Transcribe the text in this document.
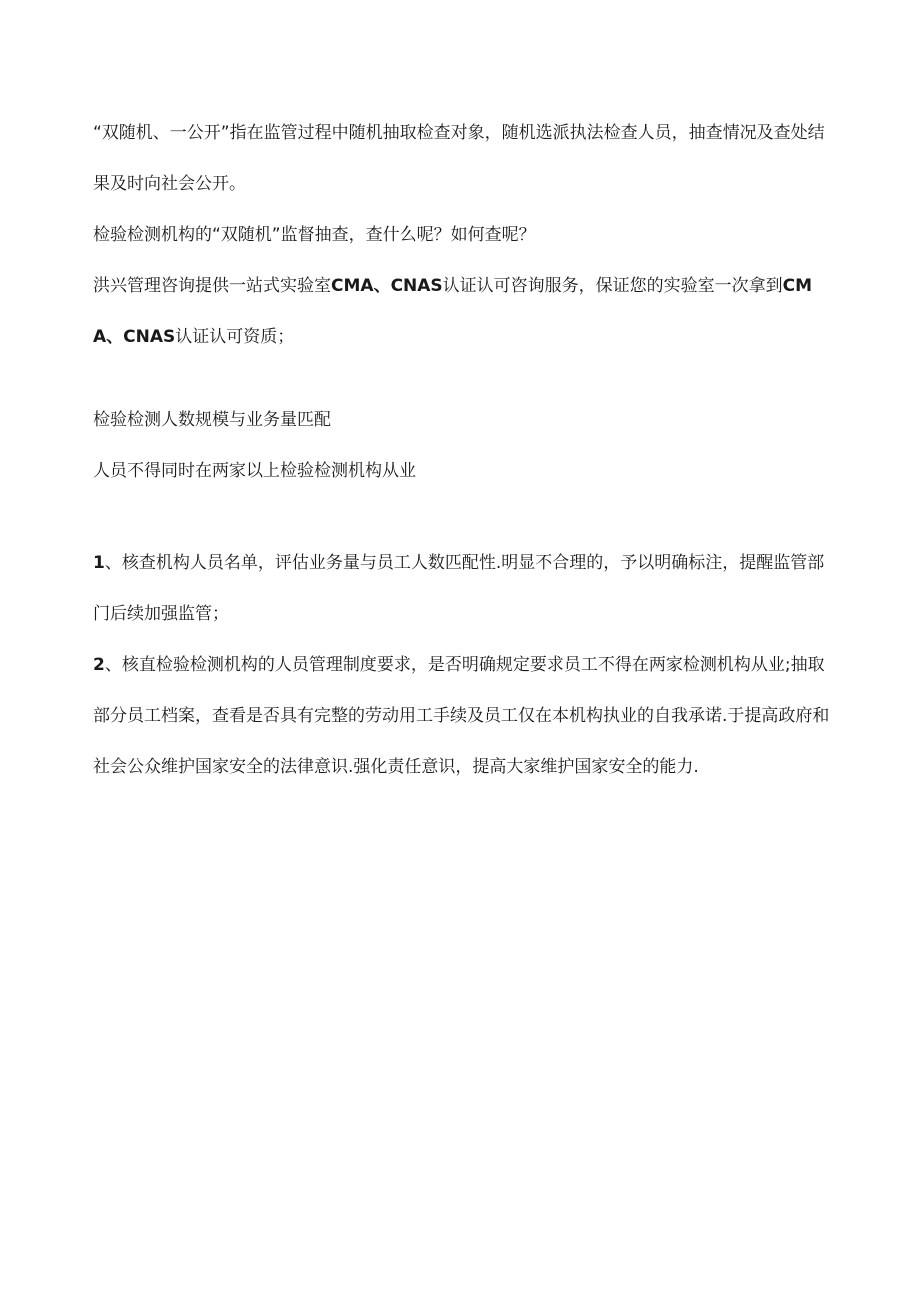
“双随机、一公开”指在监管过程中随机抽取检查对象，随机选派执法检查人员，抽查情况及查处结果及时向社会公开。
检验检测机构的“双随机”监督抽查，查什么呢？如何查呢？
洪兴管理咨询提供一站式实验室CMA、CNAS认证认可咨询服务，保证您的实验室一次拿到CMA、CNAS认证认可资质；
检验检测人数规模与业务量匹配
人员不得同时在两家以上检验检测机构从业
1、核查机构人员名单，评估业务量与员工人数匹配性.明显不合理的，予以明确标注，提醒监管部门后续加强监管；
2、核直检验检测机构的人员管理制度要求，是否明确规定要求员工不得在两家检测机构从业;抽取部分员工档案，查看是否具有完整的劳动用工手续及员工仅在本机构执业的自我承诺.于提高政府和社会公众维护国家安全的法律意识.强化责任意识，提高大家维护国家安全的能力.
